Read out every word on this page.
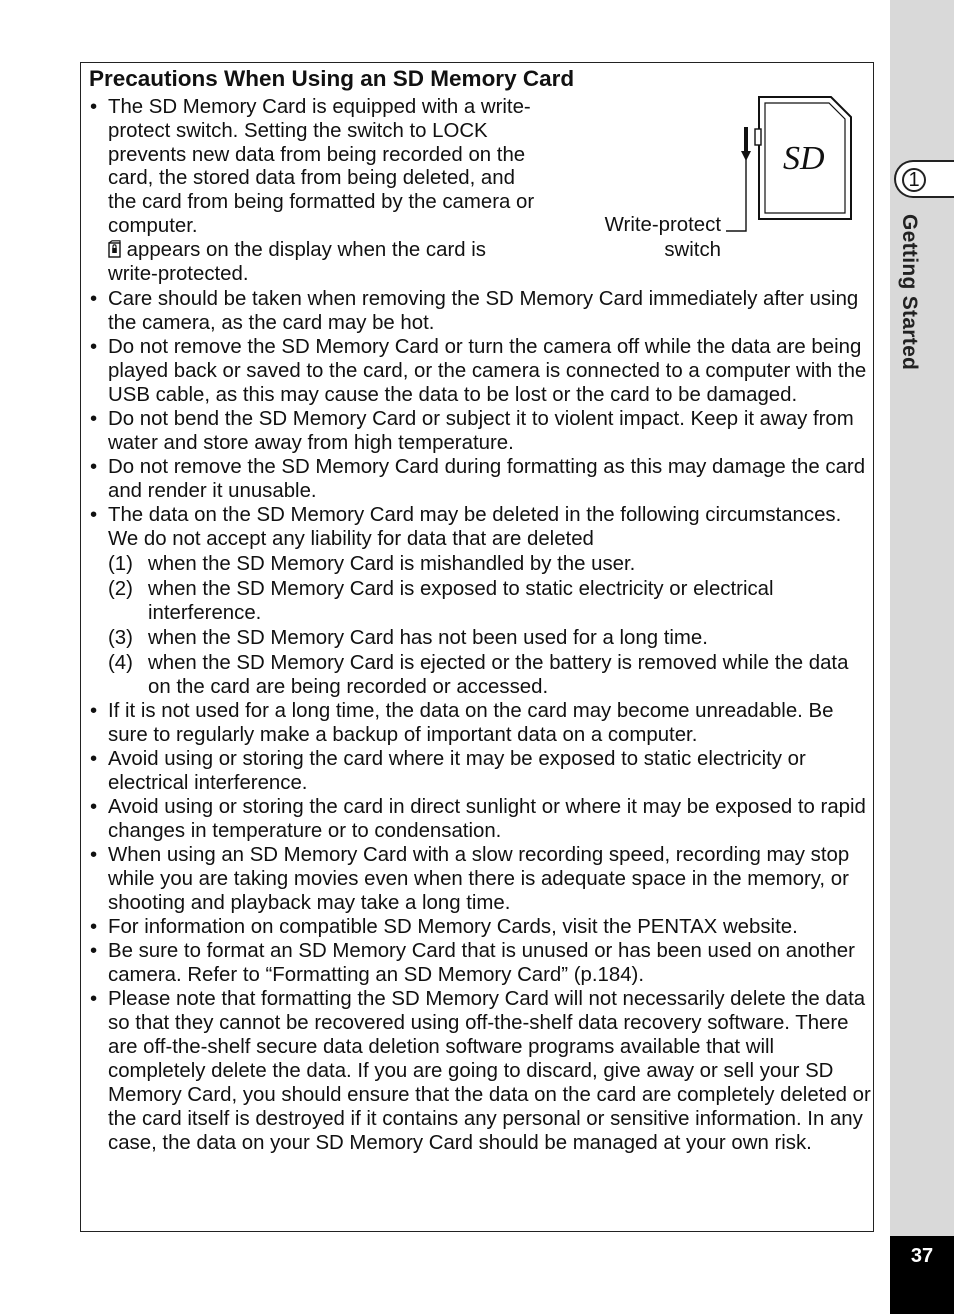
1
Getting Started
37
Precautions When Using an SD Memory Card
• The SD Memory Card is equipped with a write-
protect switch. Setting the switch to LOCK
prevents new data from being recorded on the
card, the stored data from being deleted, and
the card from being formatted by the camera or
computer.
appears on the display when the card is
write-protected.
SD
Write-protect
switch

• Care should be taken when removing the SD Memory Card immediately after using the camera, as the card may be hot.

• Do not remove the SD Memory Card or turn the camera off while the data are being played back or saved to the card, or the camera is connected to a computer with the USB cable, as this may cause the data to be lost or the card to be damaged.

• Do not bend the SD Memory Card or subject it to violent impact. Keep it away from water and store away from high temperature.

• Do not remove the SD Memory Card during formatting as this may damage the card and render it unusable.

• The data on the SD Memory Card may be deleted in the following circumstances. We do not accept any liability for data that are deleted

(1) when the SD Memory Card is mishandled by the user.

(2) when the SD Memory Card is exposed to static electricity or electrical interference.

(3) when the SD Memory Card has not been used for a long time.

(4) when the SD Memory Card is ejected or the battery is removed while the data on the card are being recorded or accessed.

• If it is not used for a long time, the data on the card may become unreadable. Be sure to regularly make a backup of important data on a computer.

• Avoid using or storing the card where it may be exposed to static electricity or electrical interference.

• Avoid using or storing the card in direct sunlight or where it may be exposed to rapid changes in temperature or to condensation.

• When using an SD Memory Card with a slow recording speed, recording may stop while you are taking movies even when there is adequate space in the memory, or shooting and playback may take a long time.

• For information on compatible SD Memory Cards, visit the PENTAX website.

• Be sure to format an SD Memory Card that is unused or has been used on another camera. Refer to “Formatting an SD Memory Card” (p.184).

• Please note that formatting the SD Memory Card will not necessarily delete the data so that they cannot be recovered using off-the-shelf data recovery software. There are off-the-shelf secure data deletion software programs available that will completely delete the data. If you are going to discard, give away or sell your SD Memory Card, you should ensure that the data on the card are completely deleted or the card itself is destroyed if it contains any personal or sensitive information. In any case, the data on your SD Memory Card should be managed at your own risk.
